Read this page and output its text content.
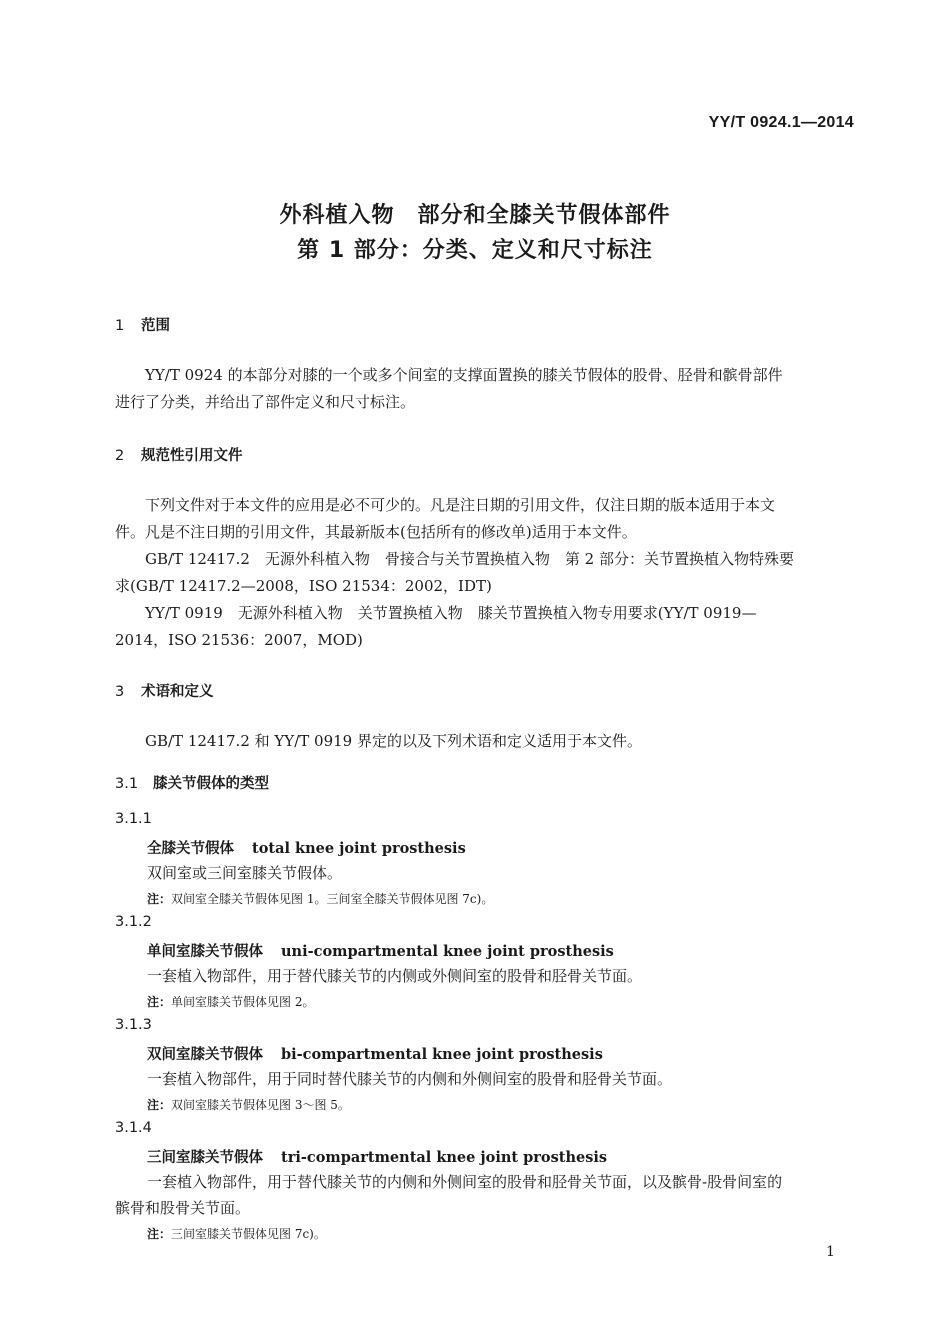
YY/T 0924.1—2014
外科植入物　部分和全膝关节假体部件
第 1 部分：分类、定义和尺寸标注
1 范围
YY/T 0924 的本部分对膝的一个或多个间室的支撑面置换的膝关节假体的股骨、胫骨和髌骨部件
进行了分类，并给出了部件定义和尺寸标注。
2 规范性引用文件
下列文件对于本文件的应用是必不可少的。凡是注日期的引用文件，仅注日期的版本适用于本文
件。凡是不注日期的引用文件，其最新版本(包括所有的修改单)适用于本文件。
GB/T 12417.2　无源外科植入物　骨接合与关节置换植入物　第 2 部分：关节置换植入物特殊要
求(GB/T 12417.2—2008，ISO 21534：2002，IDT)
YY/T 0919　无源外科植入物　关节置换植入物　膝关节置换植入物专用要求(YY/T 0919—
2014，ISO 21536：2007，MOD)
3 术语和定义
GB/T 12417.2 和 YY/T 0919 界定的以及下列术语和定义适用于本文件。
3.1 膝关节假体的类型
3.1.1
全膝关节假体 total knee joint prosthesis
双间室或三间室膝关节假体。
注：双间室全膝关节假体见图 1。三间室全膝关节假体见图 7c)。
3.1.2
单间室膝关节假体 uni-compartmental knee joint prosthesis
一套植入物部件，用于替代膝关节的内侧或外侧间室的股骨和胫骨关节面。
注：单间室膝关节假体见图 2。
3.1.3
双间室膝关节假体 bi-compartmental knee joint prosthesis
一套植入物部件，用于同时替代膝关节的内侧和外侧间室的股骨和胫骨关节面。
注：双间室膝关节假体见图 3～图 5。
3.1.4
三间室膝关节假体 tri-compartmental knee joint prosthesis
一套植入物部件，用于替代膝关节的内侧和外侧间室的股骨和胫骨关节面，以及髌骨-股骨间室的
髌骨和股骨关节面。
注：三间室膝关节假体见图 7c)。
1
